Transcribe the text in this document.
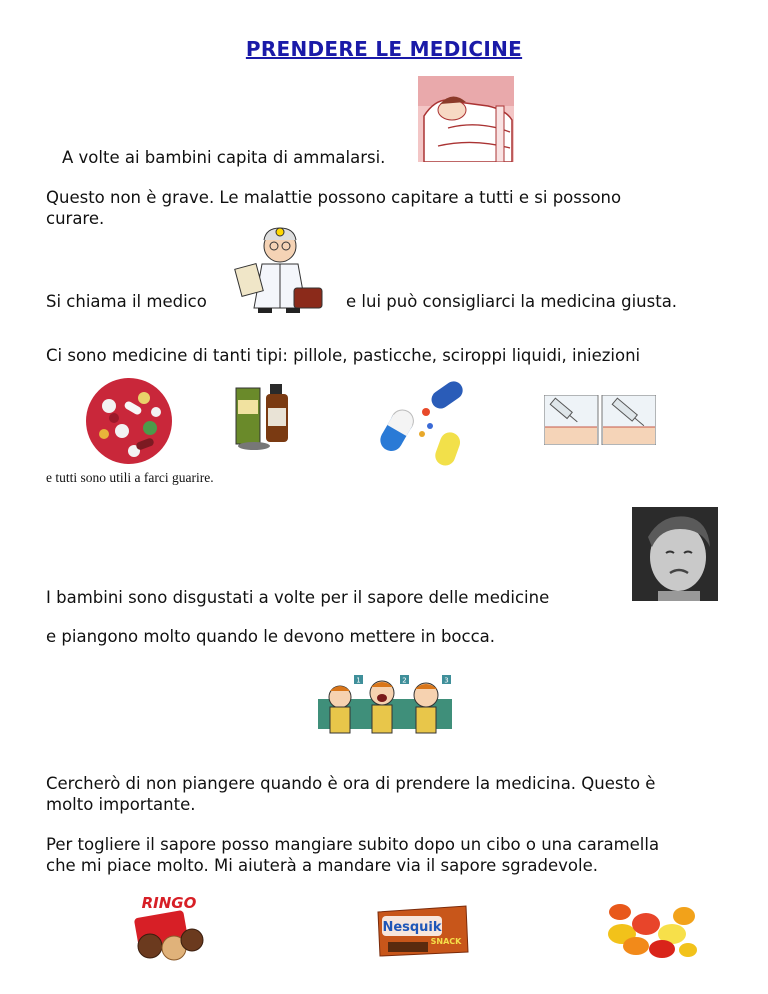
PRENDERE LE MEDICINE
A volte ai bambini capita di ammalarsi.
Questo non è grave. Le malattie possono capitare a tutti e si possono
curare.
Si chiama il medico	e lui può consigliarci la medicina giusta.
Ci sono medicine di tanti tipi: pillole, pasticche, sciroppi liquidi, iniezioni
e tutti sono utili a farci guarire.
I bambini sono disgustati a volte per il sapore delle medicine
e piangono molto quando le devono mettere in bocca.
1	2	3
Cercherò di non piangere quando è ora di prendere la medicina. Questo è
molto importante.
Per togliere il sapore posso mangiare subito dopo un cibo o una caramella
che mi piace molto. Mi aiuterà a mandare via il sapore sgradevole.
RINGO
Nesquik
SNACK
